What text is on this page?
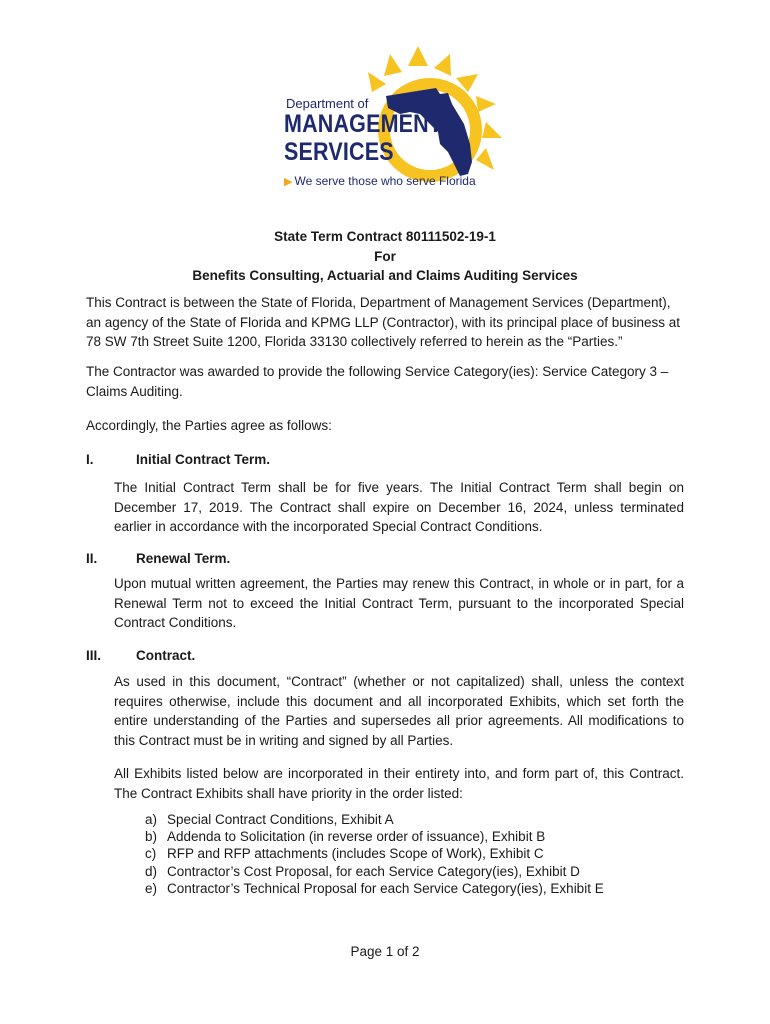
Department of
MANAGEMENT
SERVICES
▶ We serve those who serve Florida
State Term Contract 80111502-19-1
For
Benefits Consulting, Actuarial and Claims Auditing Services
This Contract is between the State of Florida, Department of Management Services (Department), an agency of the State of Florida and KPMG LLP (Contractor), with its principal place of business at 78 SW 7th Street Suite 1200, Florida 33130 collectively referred to herein as the “Parties.”
The Contractor was awarded to provide the following Service Category(ies): Service Category 3 – Claims Auditing.
Accordingly, the Parties agree as follows:
I.	Initial Contract Term.
The Initial Contract Term shall be for five years. The Initial Contract Term shall begin on December 17, 2019. The Contract shall expire on December 16, 2024, unless terminated earlier in accordance with the incorporated Special Contract Conditions.
II.	Renewal Term.
Upon mutual written agreement, the Parties may renew this Contract, in whole or in part, for a Renewal Term not to exceed the Initial Contract Term, pursuant to the incorporated Special Contract Conditions.
III.	Contract.
As used in this document, “Contract” (whether or not capitalized) shall, unless the context requires otherwise, include this document and all incorporated Exhibits, which set forth the entire understanding of the Parties and supersedes all prior agreements. All modifications to this Contract must be in writing and signed by all Parties.
All Exhibits listed below are incorporated in their entirety into, and form part of, this Contract. The Contract Exhibits shall have priority in the order listed:
a) Special Contract Conditions, Exhibit A
b) Addenda to Solicitation (in reverse order of issuance), Exhibit B
c) RFP and RFP attachments (includes Scope of Work), Exhibit C
d) Contractor’s Cost Proposal, for each Service Category(ies), Exhibit D
e) Contractor’s Technical Proposal for each Service Category(ies), Exhibit E
Page 1 of 2
